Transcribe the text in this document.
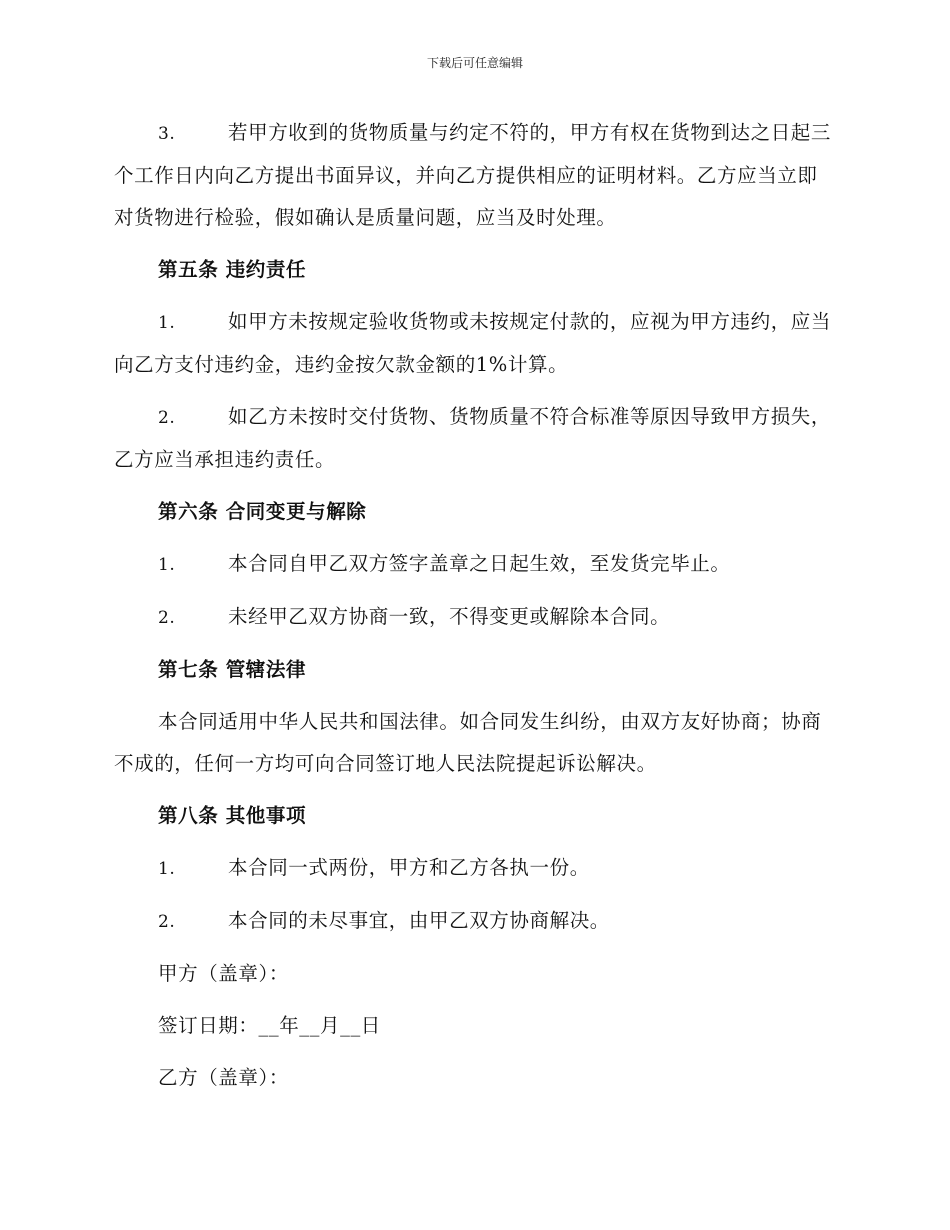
下载后可任意编辑

3.	若甲方收到的货物质量与约定不符的，甲方有权在货物到达之日起三个工作日内向乙方提出书面异议，并向乙方提供相应的证明材料。乙方应当立即对货物进行检验，假如确认是质量问题，应当及时处理。

第五条 违约责任

1.	如甲方未按规定验收货物或未按规定付款的，应视为甲方违约，应当向乙方支付违约金，违约金按欠款金额的1%计算。

2.	如乙方未按时交付货物、货物质量不符合标准等原因导致甲方损失，乙方应当承担违约责任。

第六条 合同变更与解除

1.	本合同自甲乙双方签字盖章之日起生效，至发货完毕止。

2.	未经甲乙双方协商一致，不得变更或解除本合同。

第七条 管辖法律

本合同适用中华人民共和国法律。如合同发生纠纷，由双方友好协商；协商不成的，任何一方均可向合同签订地人民法院提起诉讼解决。

第八条 其他事项

1.	本合同一式两份，甲方和乙方各执一份。

2.	本合同的未尽事宜，由甲乙双方协商解决。

甲方（盖章）：

签订日期：__年__月__日

乙方（盖章）：
